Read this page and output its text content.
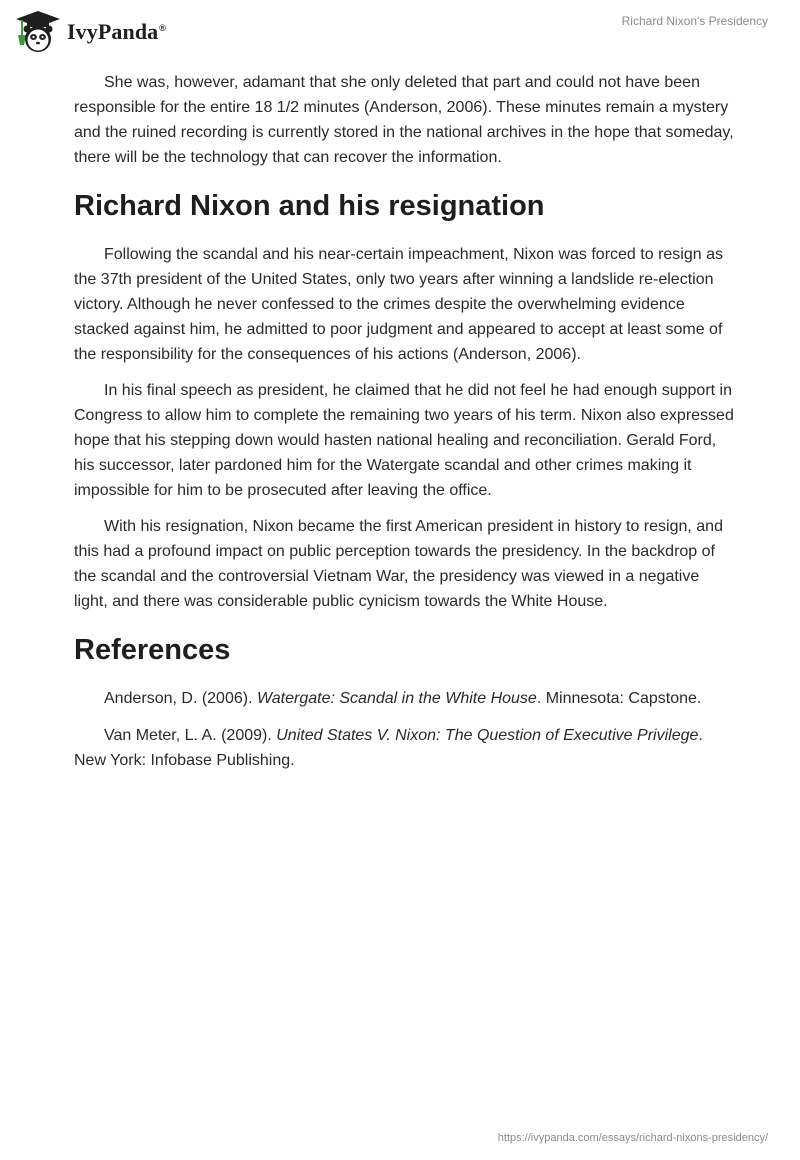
IvyPanda®	Richard Nixon's Presidency

She was, however, adamant that she only deleted that part and could not have been responsible for the entire 18 1/2 minutes (Anderson, 2006). These minutes remain a mystery and the ruined recording is currently stored in the national archives in the hope that someday, there will be the technology that can recover the information.

Richard Nixon and his resignation

Following the scandal and his near-certain impeachment, Nixon was forced to resign as the 37th president of the United States, only two years after winning a landslide re-election victory. Although he never confessed to the crimes despite the overwhelming evidence stacked against him, he admitted to poor judgment and appeared to accept at least some of the responsibility for the consequences of his actions (Anderson, 2006).

In his final speech as president, he claimed that he did not feel he had enough support in Congress to allow him to complete the remaining two years of his term. Nixon also expressed hope that his stepping down would hasten national healing and reconciliation. Gerald Ford, his successor, later pardoned him for the Watergate scandal and other crimes making it impossible for him to be prosecuted after leaving the office.

With his resignation, Nixon became the first American president in history to resign, and this had a profound impact on public perception towards the presidency. In the backdrop of the scandal and the controversial Vietnam War, the presidency was viewed in a negative light, and there was considerable public cynicism towards the White House.

References
Anderson, D. (2006). Watergate: Scandal in the White House. Minnesota: Capstone.
Van Meter, L. A. (2009). United States V. Nixon: The Question of Executive Privilege. New York: Infobase Publishing.
https://ivypanda.com/essays/richard-nixons-presidency/
